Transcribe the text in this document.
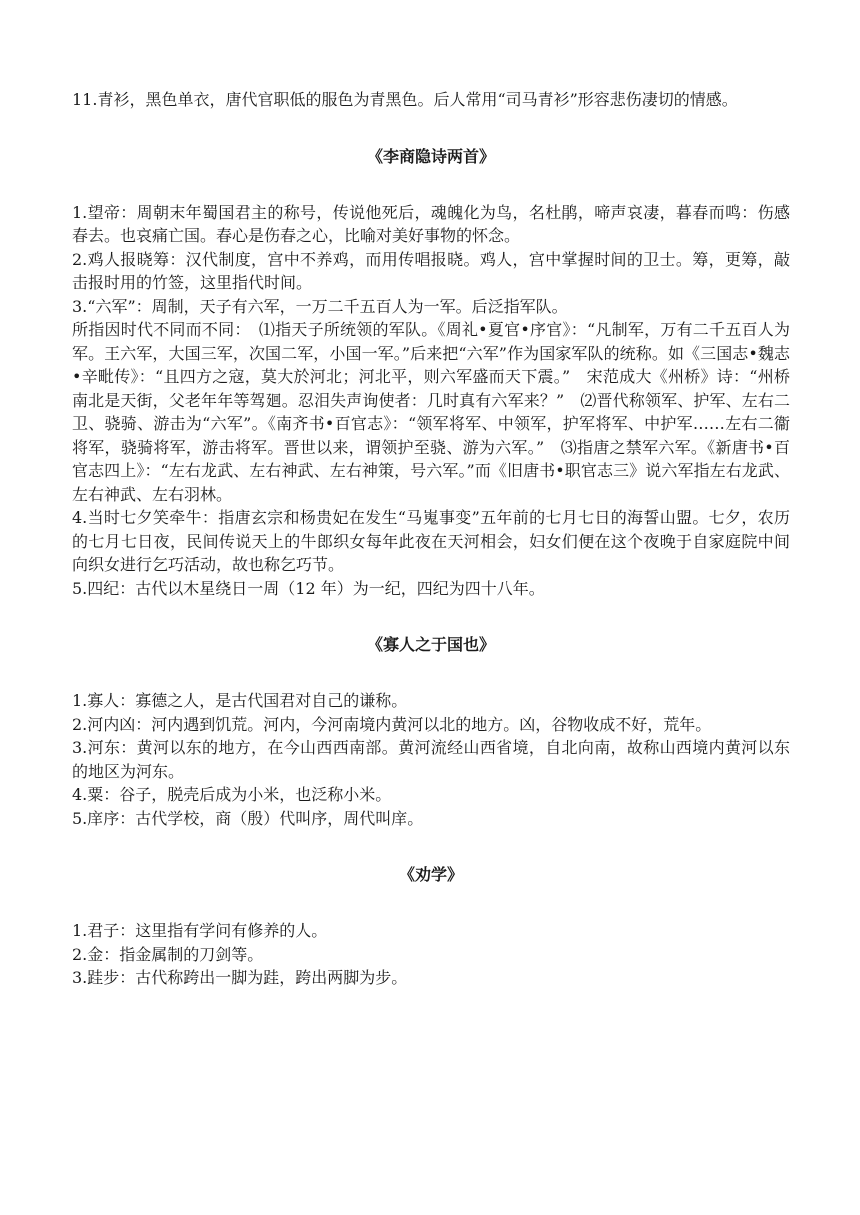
11.青衫，黑色单衣，唐代官职低的服色为青黑色。后人常用“司马青衫”形容悲伤凄切的情感。

《李商隐诗两首》

1.望帝：周朝末年蜀国君主的称号，传说他死后，魂魄化为鸟，名杜鹃，啼声哀凄，暮春而鸣：伤感春去。也哀痛亡国。春心是伤春之心，比喻对美好事物的怀念。

2.鸡人报晓筹：汉代制度，宫中不养鸡，而用传唱报晓。鸡人，宫中掌握时间的卫士。筹，更筹，敲击报时用的竹签，这里指代时间。

3.“六军”：周制，天子有六军，一万二千五百人为一军。后泛指军队。

所指因时代不同而不同：　⑴指天子所统领的军队。《周礼•夏官•序官》：“凡制军，万有二千五百人为军。王六军，大国三军，次国二军，小国一军。”后来把“六军”作为国家军队的统称。如《三国志•魏志•辛毗传》：“且四方之寇，莫大於河北；河北平，则六军盛而天下震。”　宋范成大《州桥》诗：“州桥南北是天街，父老年年等驾廻。忍泪失声询使者：几时真有六军来？”　⑵晋代称领军、护军、左右二卫、骁骑、游击为“六军”。《南齐书•百官志》：“领军将军、中领军，护军将军、中护军……左右二衞将军，骁骑将军，游击将军。晋世以来，谓领护至骁、游为六军。”　⑶指唐之禁军六军。《新唐书•百官志四上》：“左右龙武、左右神武、左右神策，号六军。”而《旧唐书•职官志三》说六军指左右龙武、左右神武、左右羽林。

4.当时七夕笑牵牛：指唐玄宗和杨贵妃在发生“马嵬事变”五年前的七月七日的海誓山盟。七夕，农历的七月七日夜，民间传说天上的牛郎织女每年此夜在天河相会，妇女们便在这个夜晚于自家庭院中间向织女进行乞巧活动，故也称乞巧节。

5.四纪：古代以木星绕日一周（12 年）为一纪，四纪为四十八年。

《寡人之于国也》

1.寡人：寡德之人，是古代国君对自己的谦称。

2.河内凶：河内遇到饥荒。河内，今河南境内黄河以北的地方。凶，谷物收成不好，荒年。

3.河东：黄河以东的地方，在今山西西南部。黄河流经山西省境，自北向南，故称山西境内黄河以东的地区为河东。

4.粟：谷子，脱壳后成为小米，也泛称小米。

5.庠序：古代学校，商（殷）代叫序，周代叫庠。

《劝学》

1.君子：这里指有学问有修养的人。

2.金：指金属制的刀剑等。

3.跬步：古代称跨出一脚为跬，跨出两脚为步。
